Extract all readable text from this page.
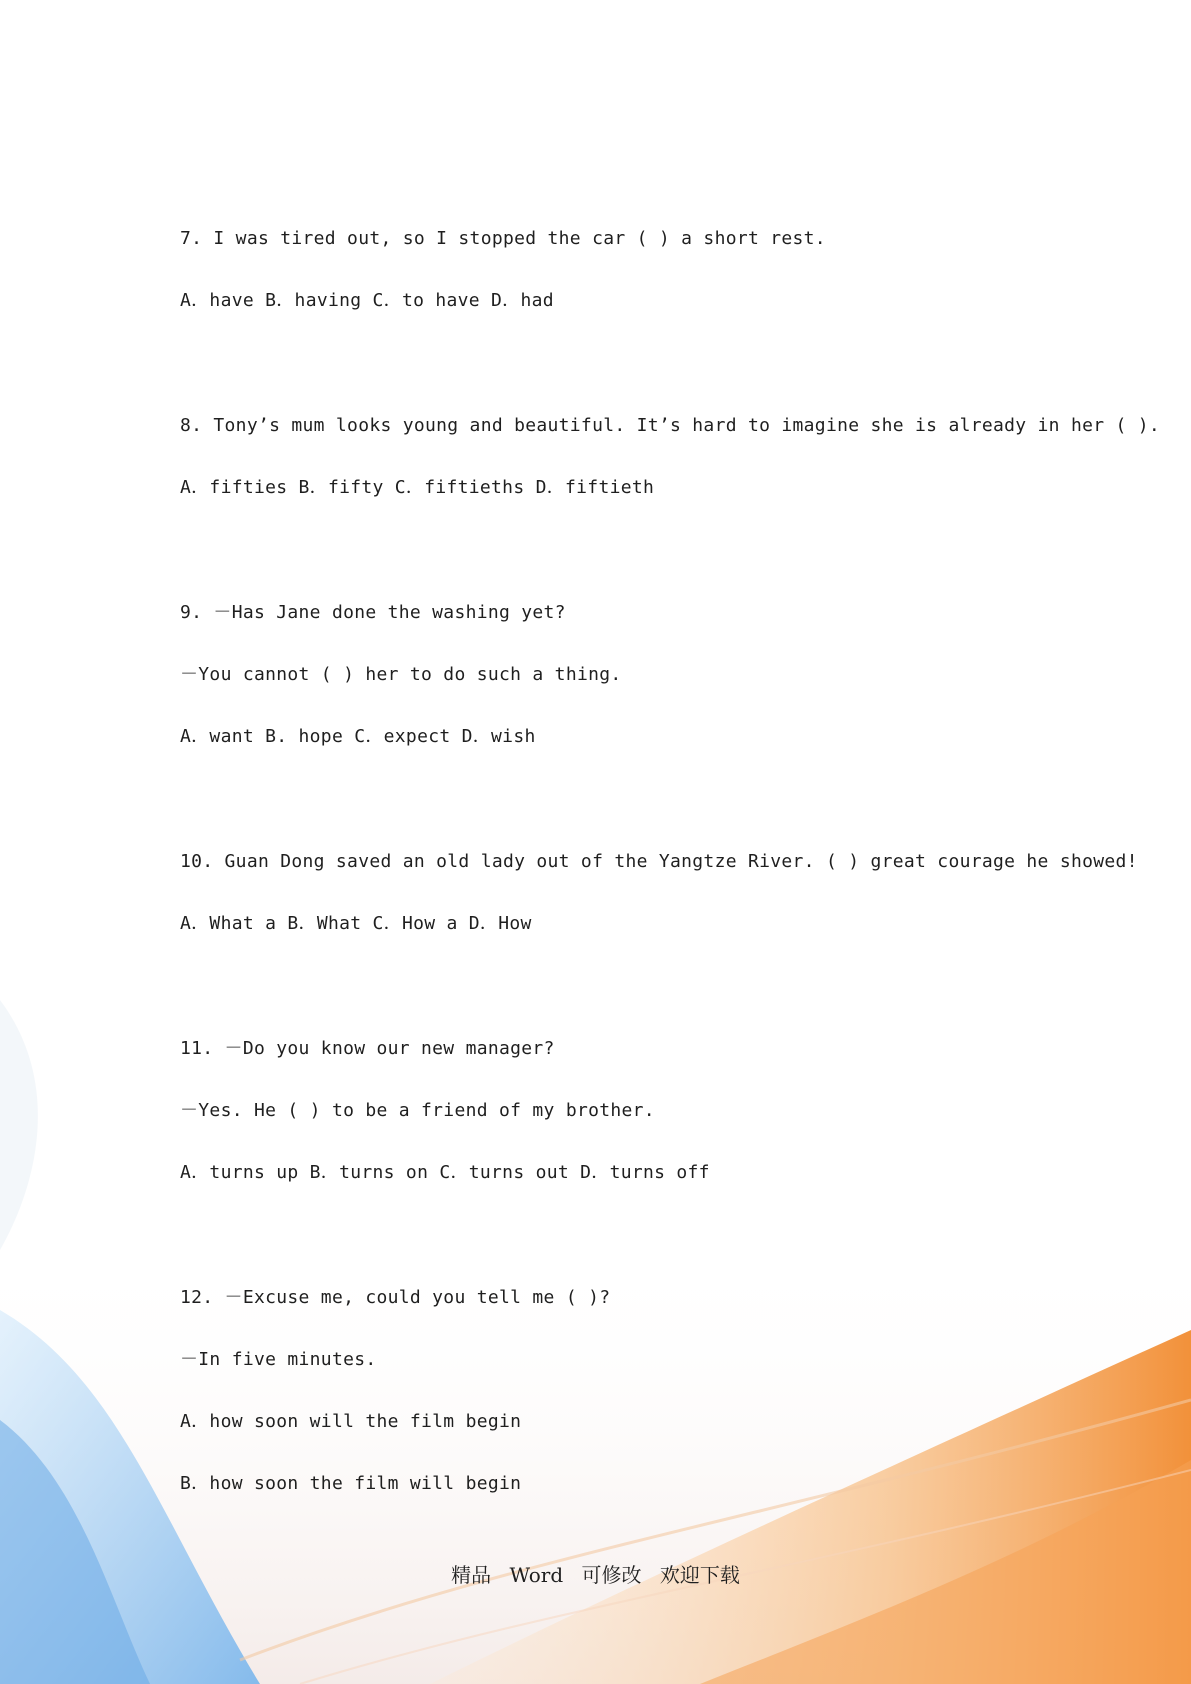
7. I was tired out, so I stopped the car ( ) a short rest.
A．have B．having C．to have D．had
8. Tony’s mum looks young and beautiful. It’s hard to imagine she is already in her ( ).
A．fifties B．fifty C．fiftieths D．fiftieth
9. －Has Jane done the washing yet?
－You cannot ( ) her to do such a thing.
A．want B. hope C．expect D．wish
10. Guan Dong saved an old lady out of the Yangtze River. ( ) great courage he showed!
A．What a B．What C．How a D．How
11. －Do you know our new manager?
－Yes. He ( ) to be a friend of my brother.
A．turns up B．turns on C．turns out D．turns off
12. －Excuse me, could you tell me ( )?
－In five minutes.
A．how soon will the film begin
B．how soon the film will begin
精品 Word 可修改 欢迎下载
